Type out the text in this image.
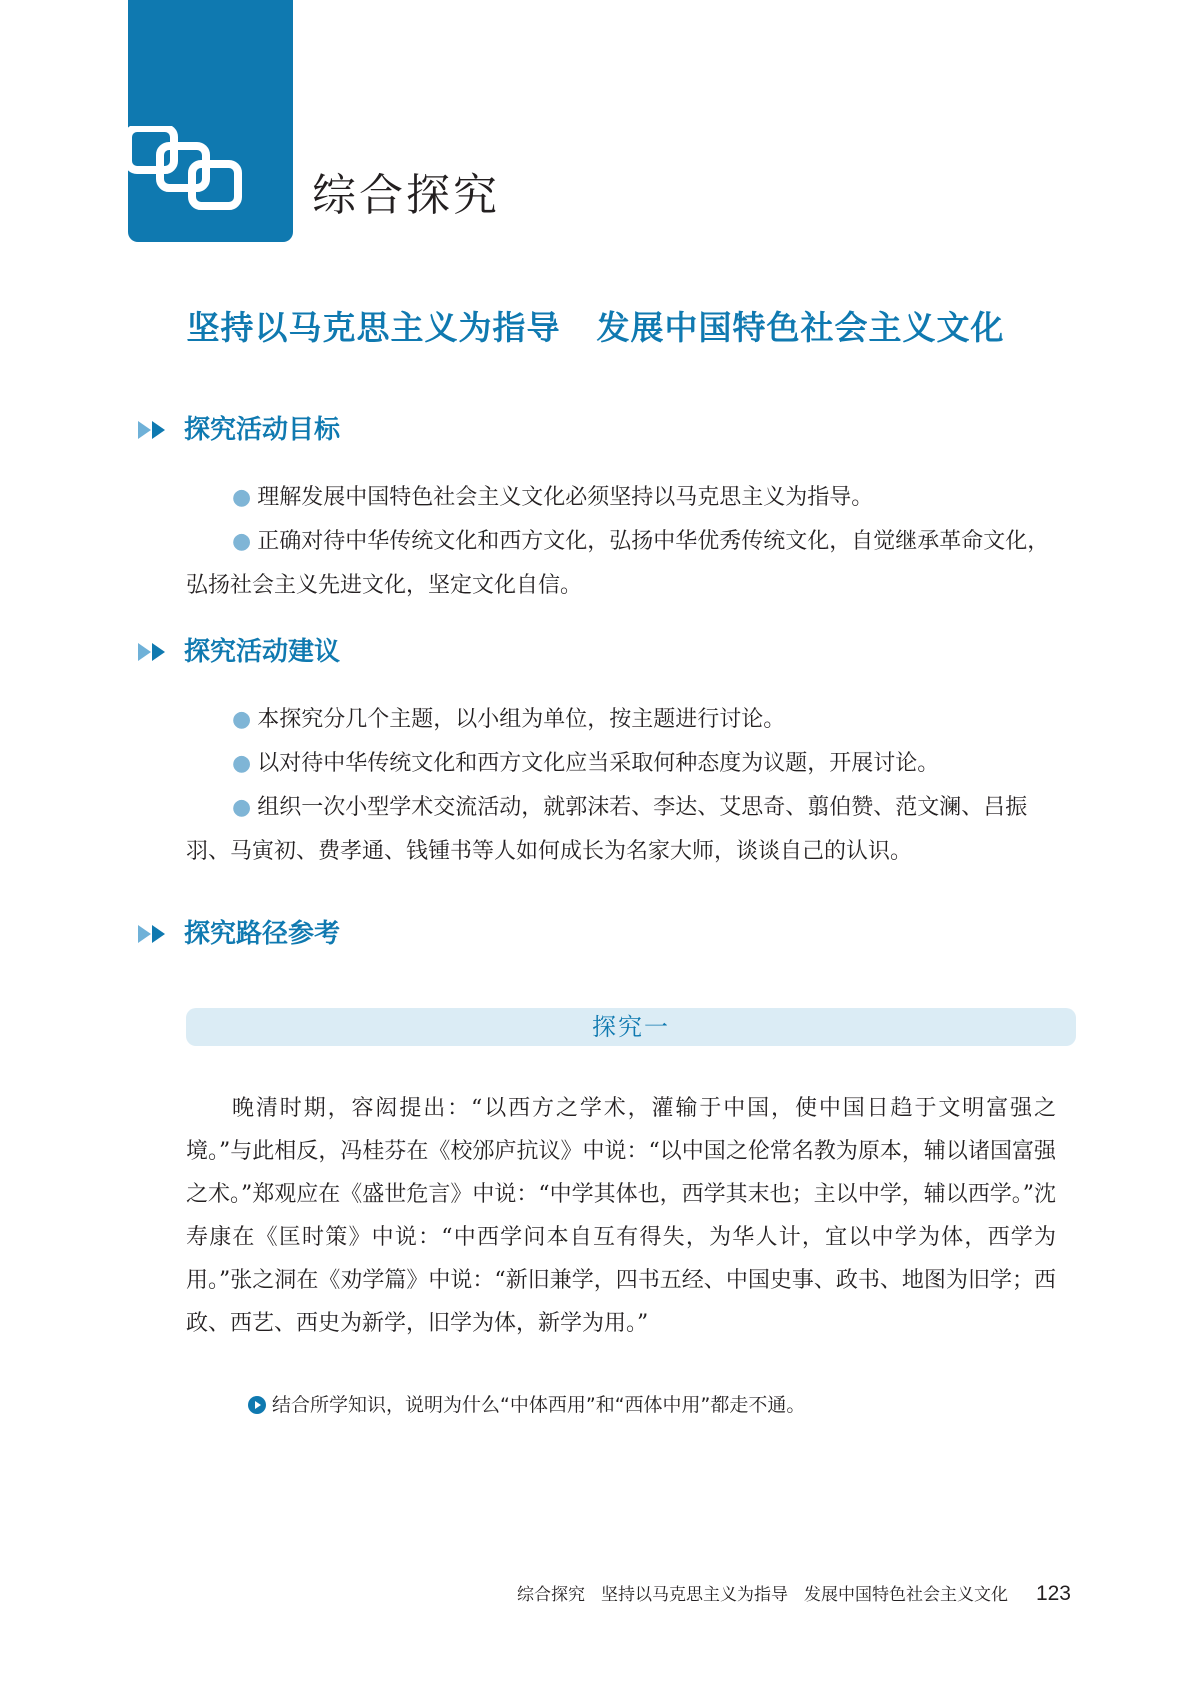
综合探究
坚持以马克思主义为指导 发展中国特色社会主义文化
探究活动目标

● 理解发展中国特色社会主义文化必须坚持以马克思主义为指导。

● 正确对待中华传统文化和西方文化，弘扬中华优秀传统文化，自觉继承革命文化，弘扬社会主义先进文化，坚定文化自信。

探究活动建议

● 本探究分几个主题，以小组为单位，按主题进行讨论。

● 以对待中华传统文化和西方文化应当采取何种态度为议题，开展讨论。

● 组织一次小型学术交流活动，就郭沫若、李达、艾思奇、翦伯赞、范文澜、吕振羽、马寅初、费孝通、钱锺书等人如何成长为名家大师，谈谈自己的认识。

探究路径参考
探究一

晚清时期，容闳提出：“以西方之学术，灌输于中国，使中国日趋于文明富强之境。”与此相反，冯桂芬在《校邠庐抗议》中说：“以中国之伦常名教为原本，辅以诸国富强之术。”郑观应在《盛世危言》中说：“中学其体也，西学其末也；主以中学，辅以西学。”沈寿康在《匡时策》中说：“中西学问本自互有得失，为华人计，宜以中学为体，西学为用。”张之洞在《劝学篇》中说：“新旧兼学，四书五经、中国史事、政书、地图为旧学；西政、西艺、西史为新学，旧学为体，新学为用。”

结合所学知识，说明为什么“中体西用”和“西体中用”都走不通。
综合探究 坚持以马克思主义为指导 发展中国特色社会主义文化 123
